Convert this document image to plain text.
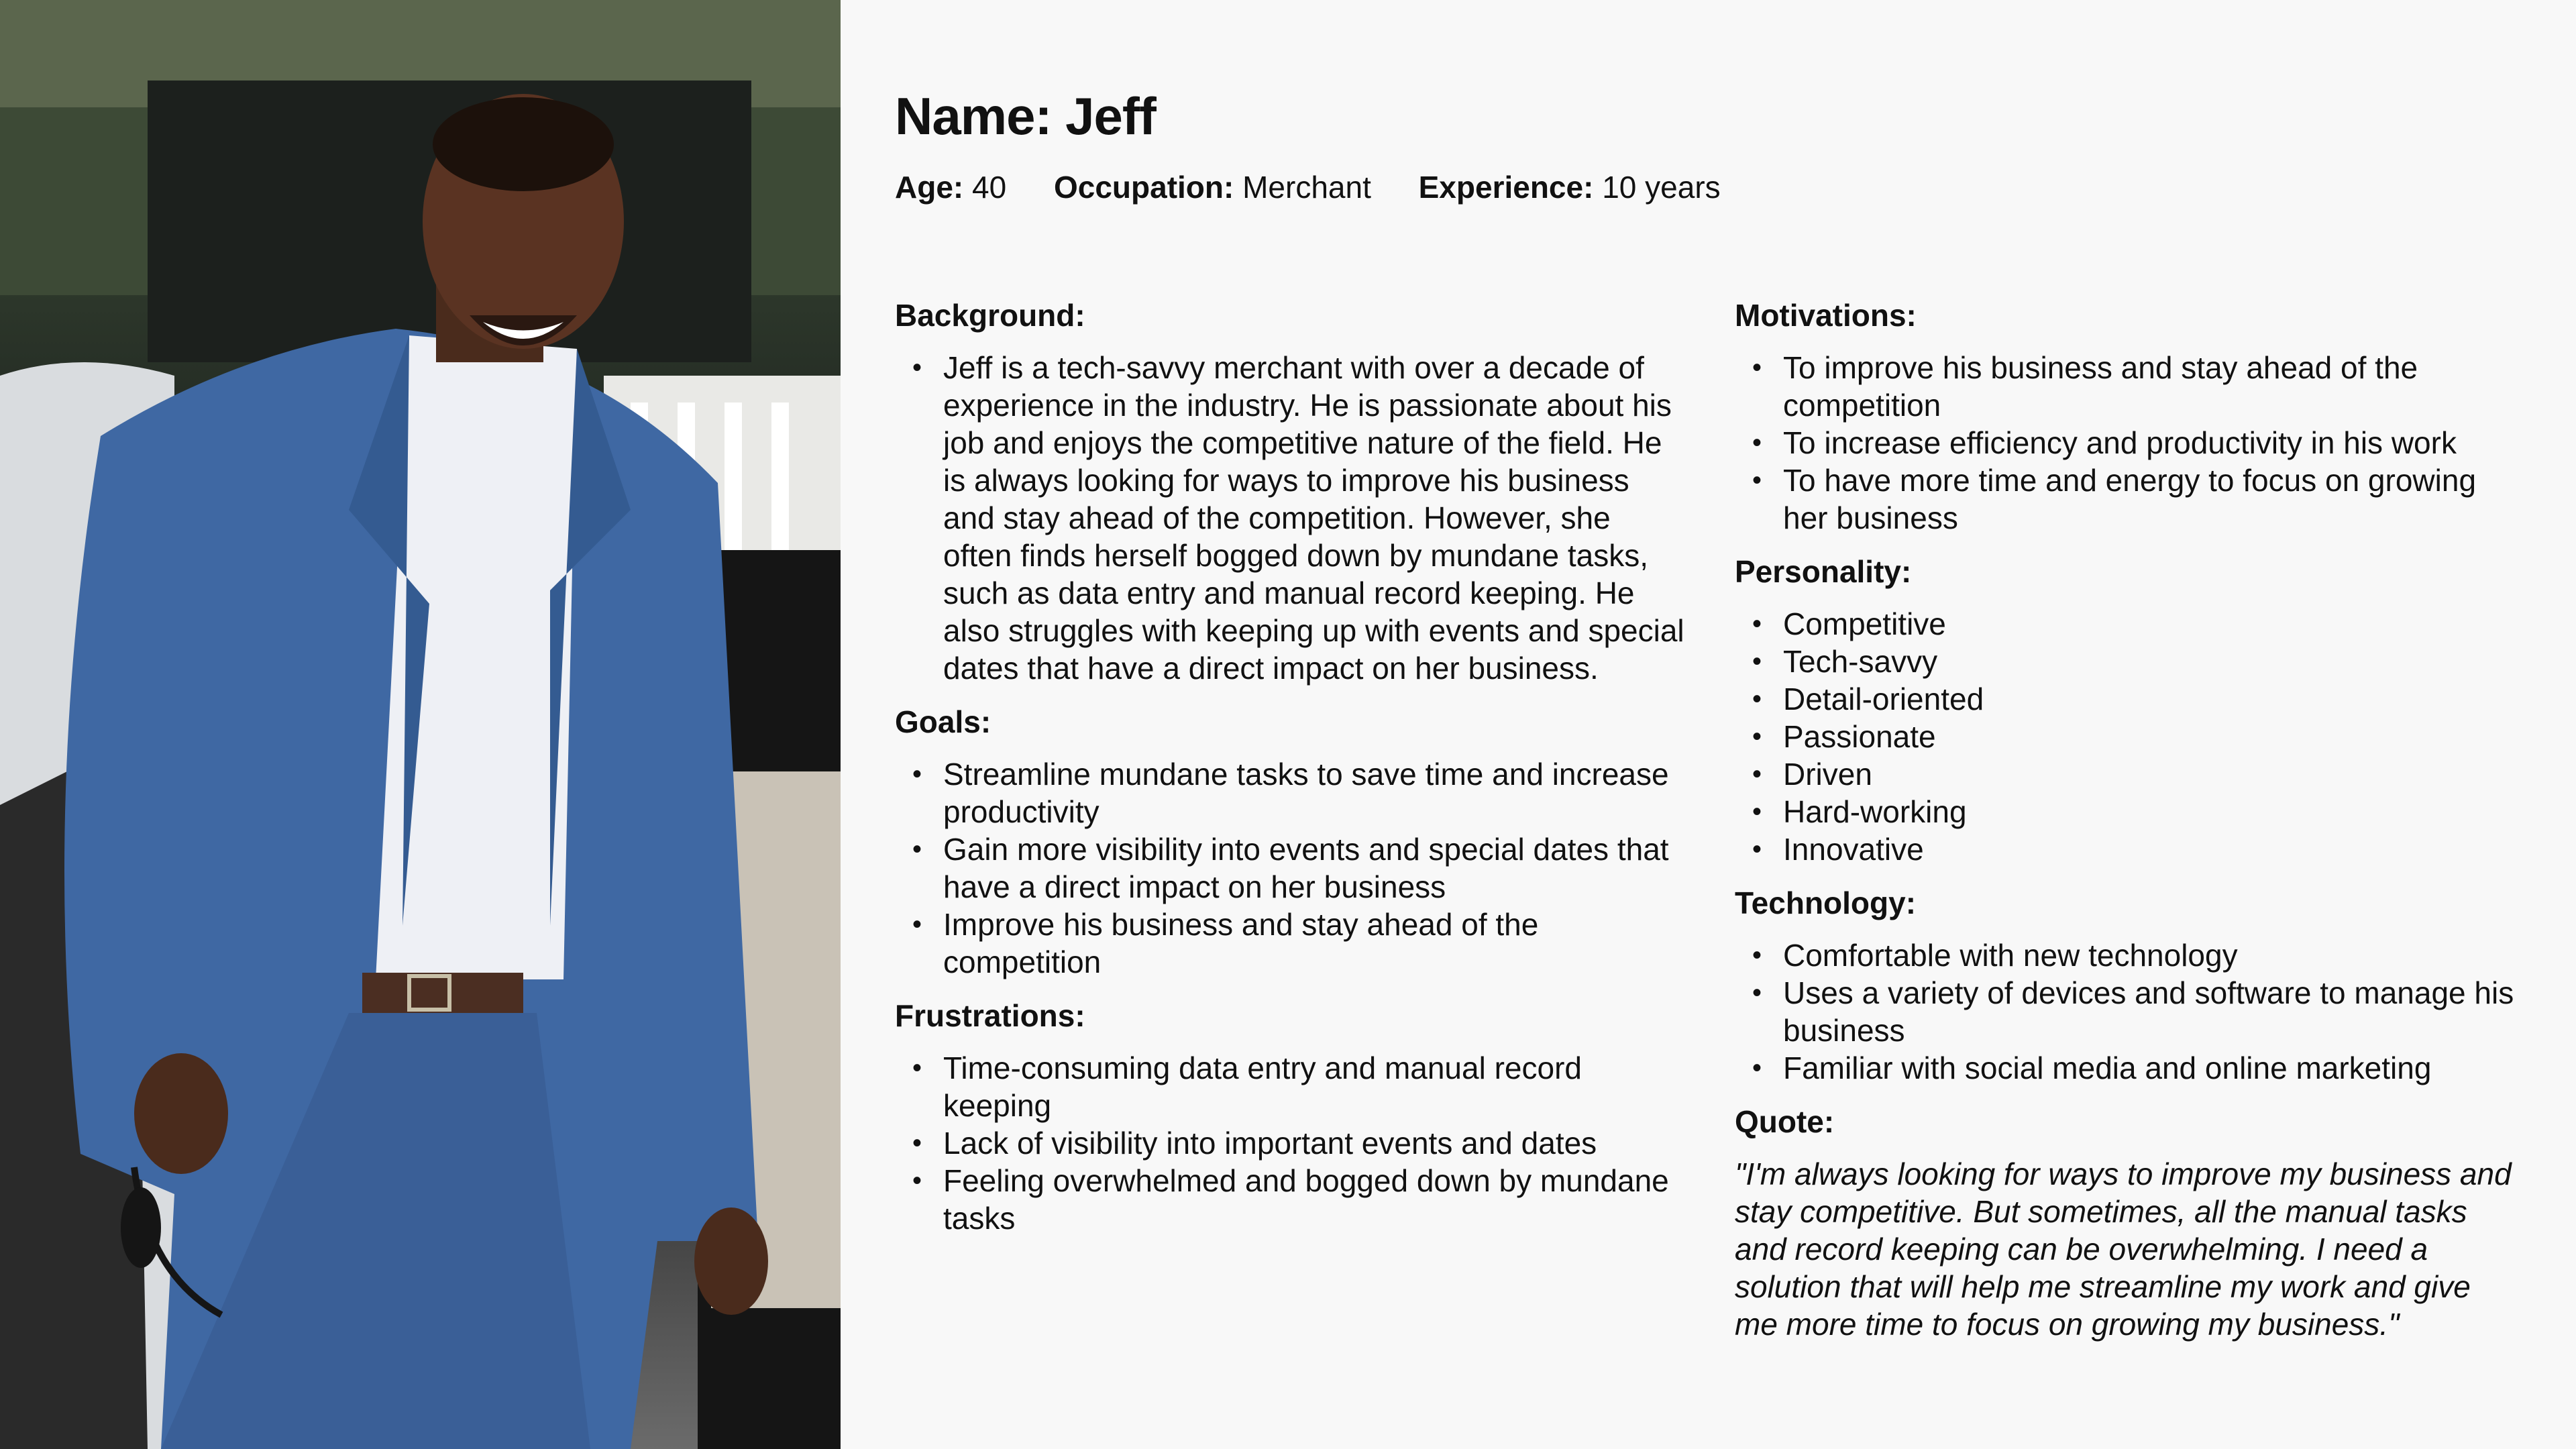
Name: Jeff
Age: 40 Occupation: Merchant Experience: 10 years
Background:
• Jeff is a tech-savvy merchant with over a decade of experience in the industry. He is passionate about his job and enjoys the competitive nature of the field. He is always looking for ways to improve his business and stay ahead of the competition. However, she often finds herself bogged down by mundane tasks, such as data entry and manual record keeping. He also struggles with keeping up with events and special dates that have a direct impact on her business.
Goals:
• Streamline mundane tasks to save time and increase productivity
• Gain more visibility into events and special dates that have a direct impact on her business
• Improve his business and stay ahead of the competition
Frustrations:
• Time-consuming data entry and manual record keeping
• Lack of visibility into important events and dates
• Feeling overwhelmed and bogged down by mundane tasks
Motivations:
• To improve his business and stay ahead of the competition
• To increase efficiency and productivity in his work
• To have more time and energy to focus on growing her business
Personality:
• Competitive
• Tech-savvy
• Detail-oriented
• Passionate
• Driven
• Hard-working
• Innovative
Technology:
• Comfortable with new technology
• Uses a variety of devices and software to manage his business
• Familiar with social media and online marketing
Quote:

"I'm always looking for ways to improve my business and stay competitive. But sometimes, all the manual tasks and record keeping can be overwhelming. I need a solution that will help me streamline my work and give me more time to focus on growing my business."
